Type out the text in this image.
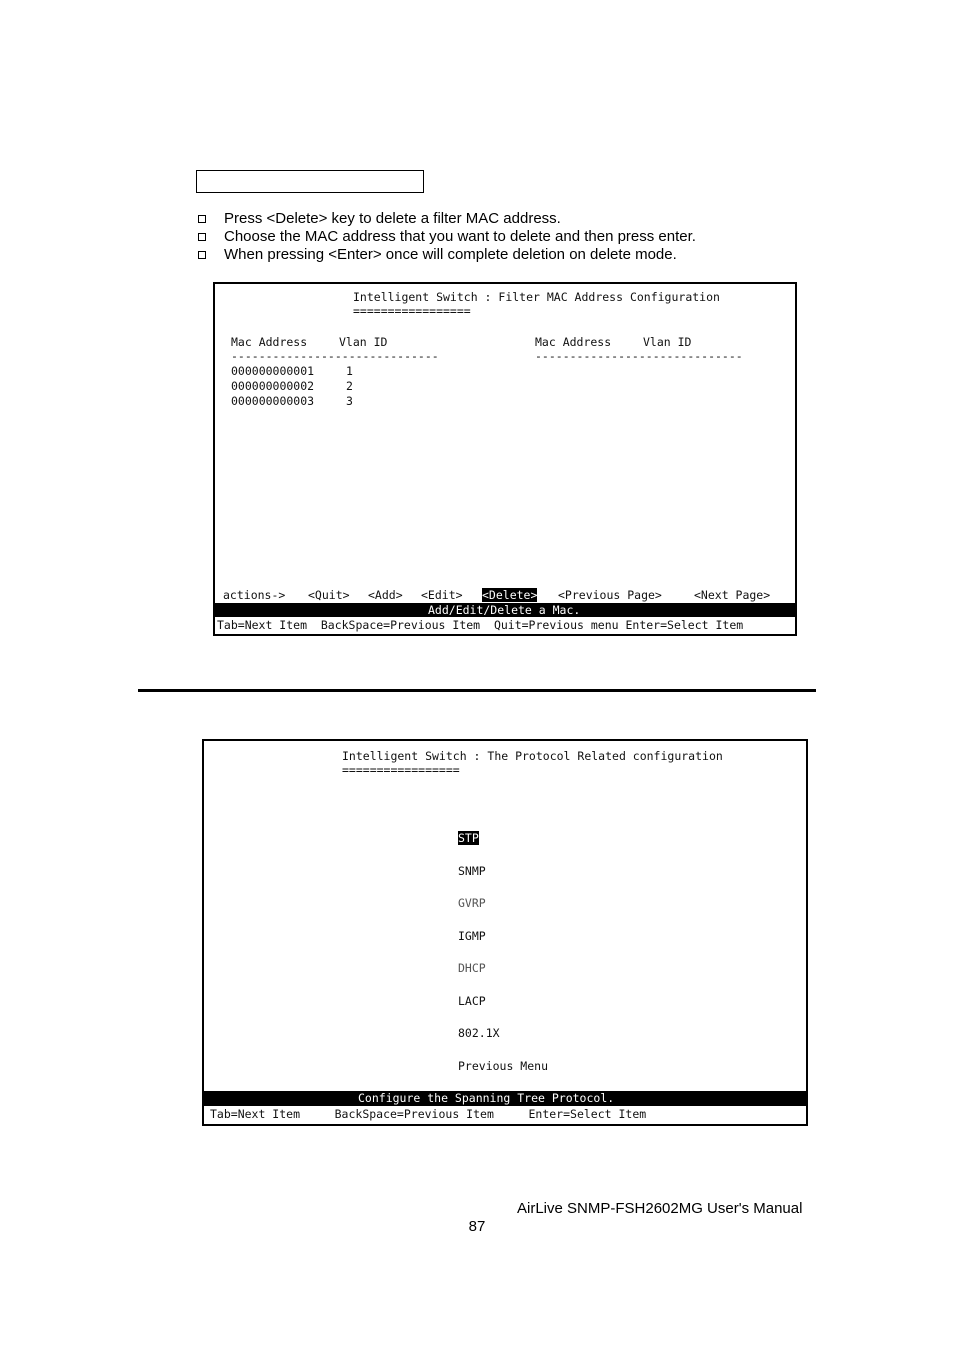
Press <Delete> key to delete a filter MAC address.
Choose the MAC address that you want to delete and then press enter.
When pressing <Enter> once will complete deletion on delete mode.
Intelligent Switch : Filter MAC Address Configuration
=================
Mac Address	Vlan ID	Mac Address	Vlan ID
------------------------------	------------------------------
000000000001	1
000000000002	2
000000000003	3
actions-> <Quit> <Add> <Edit> <Delete> <Previous Page>	<Next Page>
Add/Edit/Delete a Mac.
Tab=Next Item  BackSpace=Previous Item  Quit=Previous menu Enter=Select Item
Intelligent Switch : The Protocol Related configuration
=================
STP
SNMP
GVRP
IGMP
DHCP
LACP
802.1X
Previous Menu
Configure the Spanning Tree Protocol.
Tab=Next Item     BackSpace=Previous Item     Enter=Select Item
AirLive SNMP-FSH2602MG User's Manual
87
